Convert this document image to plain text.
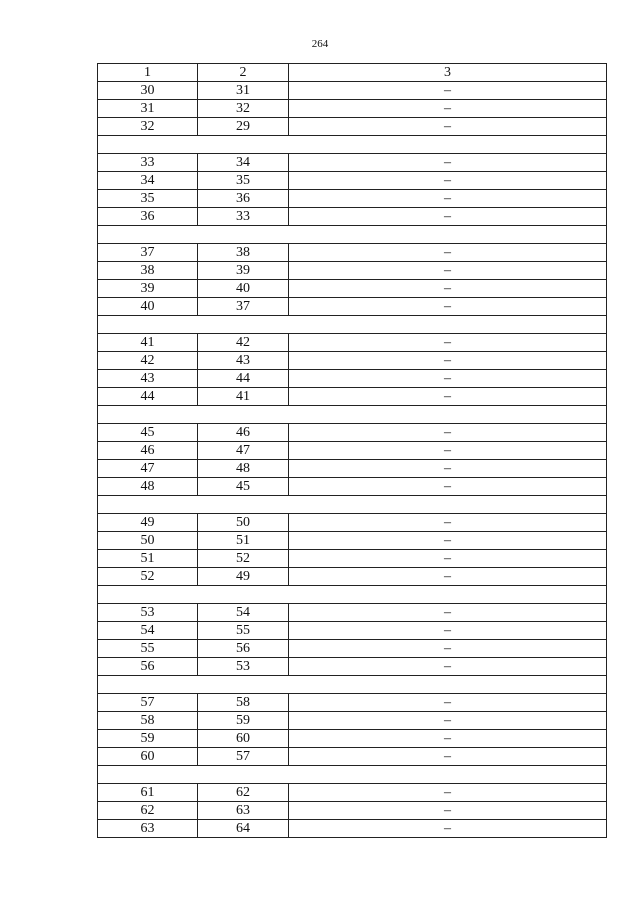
264
1	2	3
30	31	–
31	32	–
32	29	–

33	34	–
34	35	–
35	36	–
36	33	–

37	38	–
38	39	–
39	40	–
40	37	–

41	42	–
42	43	–
43	44	–
44	41	–

45	46	–
46	47	–
47	48	–
48	45	–

49	50	–
50	51	–
51	52	–
52	49	–

53	54	–
54	55	–
55	56	–
56	53	–

57	58	–
58	59	–
59	60	–
60	57	–

61	62	–
62	63	–
63	64	–
